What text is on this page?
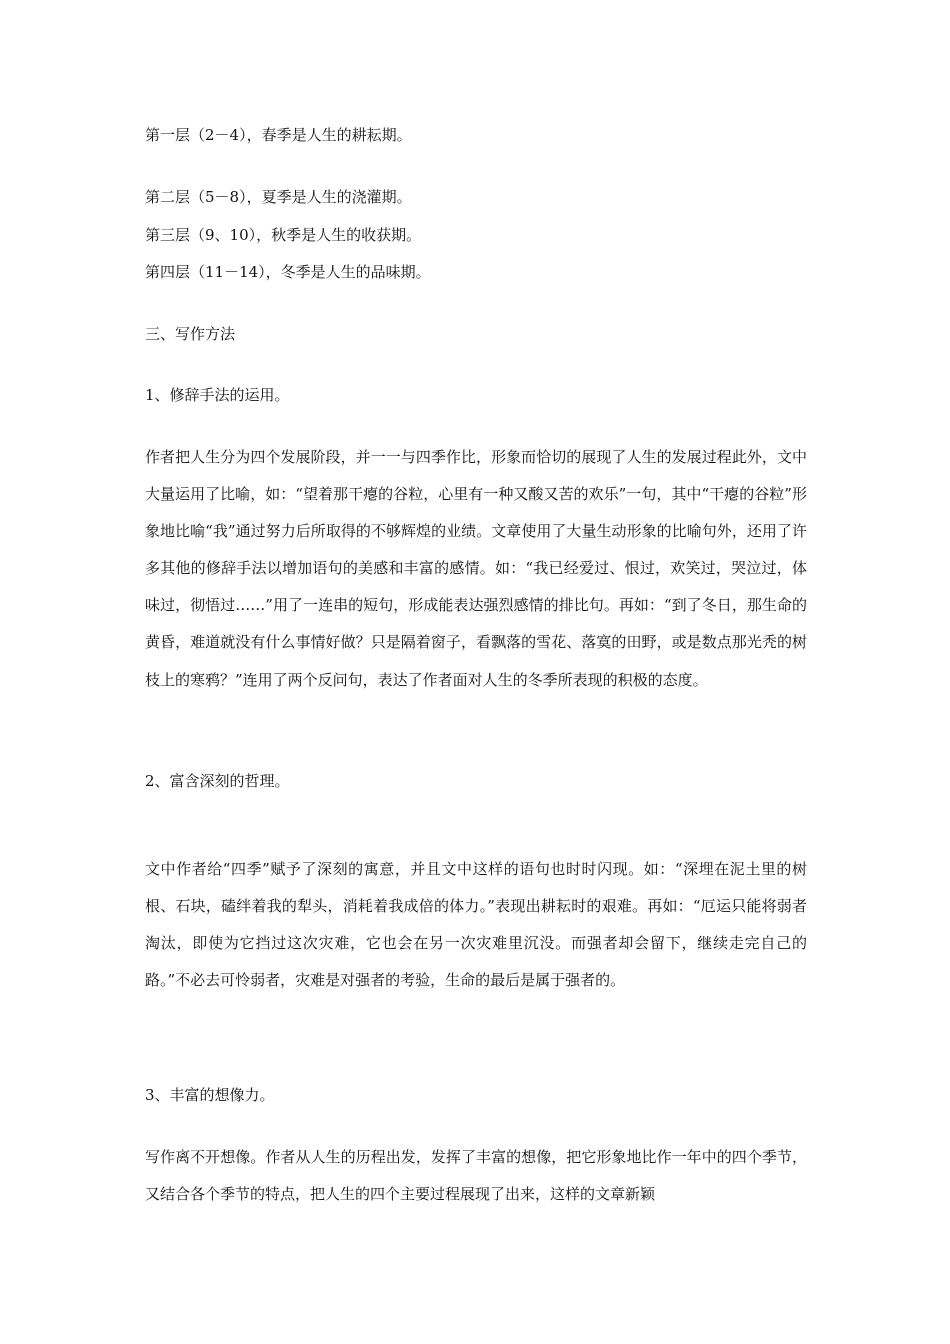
第一层（2－4），春季是人生的耕耘期。
第二层（5－8），夏季是人生的浇灌期。
第三层（9、10），秋季是人生的收获期。
第四层（11－14），冬季是人生的品味期。
三、写作方法
1、修辞手法的运用。

作者把人生分为四个发展阶段，并一一与四季作比，形象而恰切的展现了人生的发展过程此外，文中大量运用了比喻，如：“望着那干瘪的谷粒，心里有一种又酸又苦的欢乐”一句，其中“干瘪的谷粒”形象地比喻“我”通过努力后所取得的不够辉煌的业绩。文章使用了大量生动形象的比喻句外，还用了许多其他的修辞手法以增加语句的美感和丰富的感情。如：“我已经爱过、恨过，欢笑过，哭泣过，体味过，彻悟过……”用了一连串的短句，形成能表达强烈感情的排比句。再如：“到了冬日，那生命的黄昏，难道就没有什么事情好做？只是隔着窗子，看飘落的雪花、落寞的田野，或是数点那光秃的树枝上的寒鸦？”连用了两个反问句，表达了作者面对人生的冬季所表现的积极的态度。

2、富含深刻的哲理。

文中作者给“四季”赋予了深刻的寓意，并且文中这样的语句也时时闪现。如：“深埋在泥土里的树根、石块，磕绊着我的犁头，消耗着我成倍的体力。”表现出耕耘时的艰难。再如：“厄运只能将弱者淘汰，即使为它挡过这次灾难，它也会在另一次灾难里沉没。而强者却会留下，继续走完自己的路。”不必去可怜弱者，灾难是对强者的考验，生命的最后是属于强者的。

3、丰富的想像力。

写作离不开想像。作者从人生的历程出发，发挥了丰富的想像，把它形象地比作一年中的四个季节，又结合各个季节的特点，把人生的四个主要过程展现了出来，这样的文章新颖
